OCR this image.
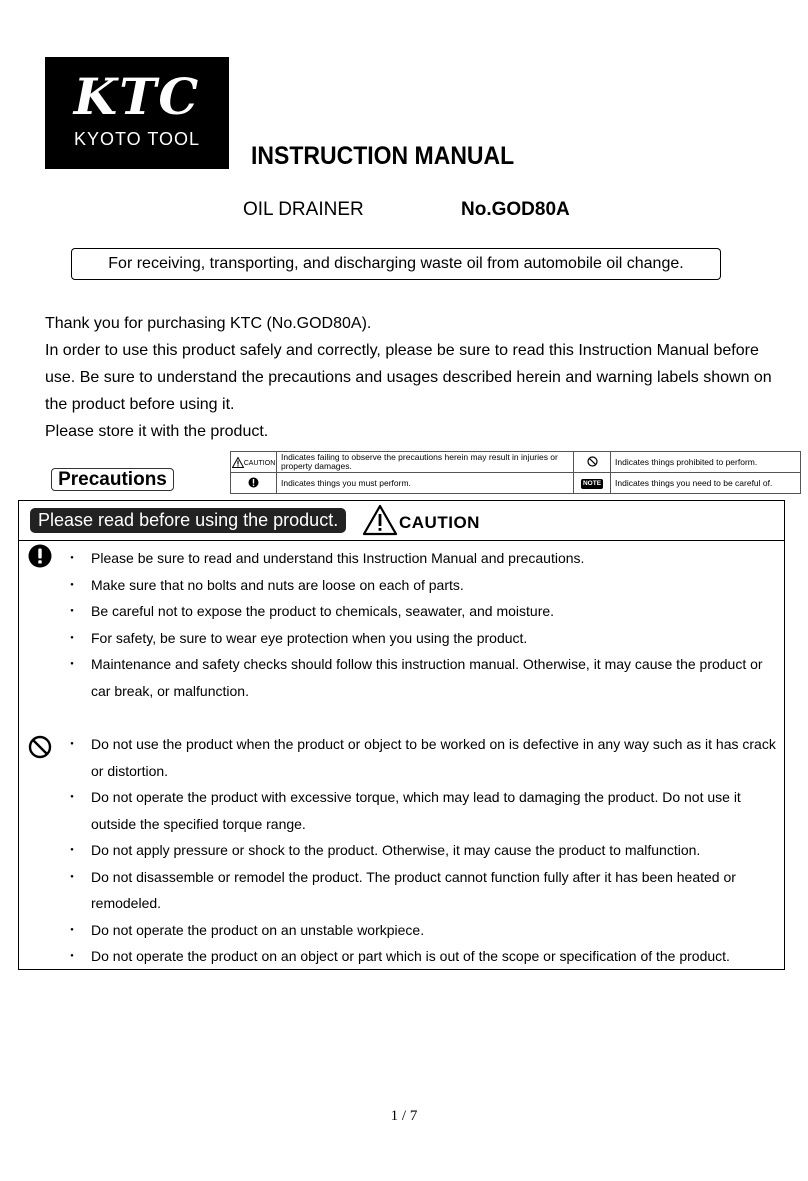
KTC
KYOTO TOOL
INSTRUCTION MANUAL
OIL DRAINER	No.GOD80A
For receiving, transporting, and discharging waste oil from automobile oil change.

Thank you for purchasing KTC (No.GOD80A).

In order to use this product safely and correctly, please be sure to read this Instruction Manual before use. Be sure to understand the precautions and usages described herein and warning labels shown on the product before using it.

Please store it with the product.

Precautions
CAUTION	Indicates failing to observe the precautions herein may result in injuries or property damages.		Indicates things prohibited to perform.
	Indicates things you must perform.	NOTE	Indicates things you need to be careful of.
Please read before using the product.	CAUTION
・ Please be sure to read and understand this Instruction Manual and precautions.
・ Make sure that no bolts and nuts are loose on each of parts.
・ Be careful not to expose the product to chemicals, seawater, and moisture.
・ For safety, be sure to wear eye protection when you using the product.
・ Maintenance and safety checks should follow this instruction manual. Otherwise, it may cause the product or car break, or malfunction.
・ Do not use the product when the product or object to be worked on is defective in any way such as it has crack or distortion.
・ Do not operate the product with excessive torque, which may lead to damaging the product. Do not use it outside the specified torque range.
・ Do not apply pressure or shock to the product. Otherwise, it may cause the product to malfunction.
・ Do not disassemble or remodel the product. The product cannot function fully after it has been heated or remodeled.
・ Do not operate the product on an unstable workpiece.
・ Do not operate the product on an object or part which is out of the scope or specification of the product.
1 / 7
